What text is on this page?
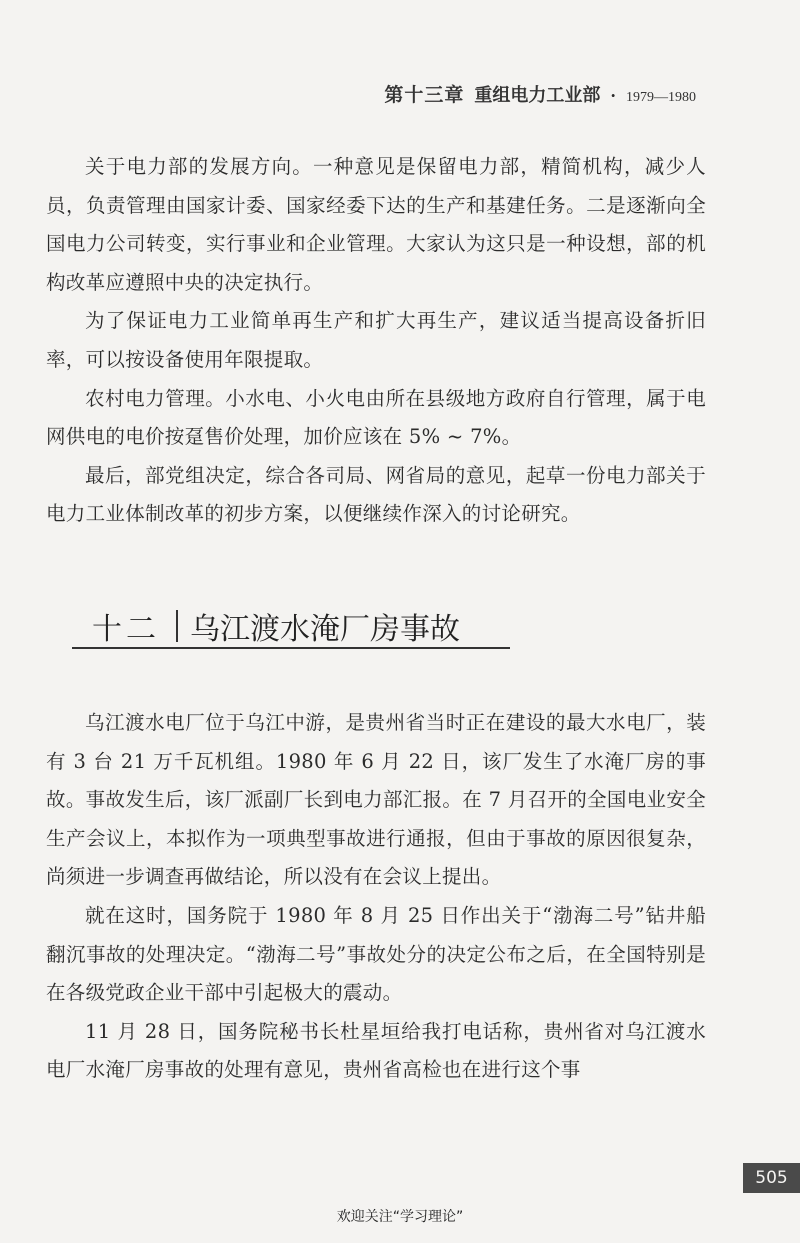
第十三章 重组电力工业部 · 1979—1980

关于电力部的发展方向。一种意见是保留电力部，精简机构，减少人员，负责管理由国家计委、国家经委下达的生产和基建任务。二是逐渐向全国电力公司转变，实行事业和企业管理。大家认为这只是一种设想，部的机构改革应遵照中央的决定执行。

为了保证电力工业简单再生产和扩大再生产，建议适当提高设备折旧率，可以按设备使用年限提取。

农村电力管理。小水电、小火电由所在县级地方政府自行管理，属于电网供电的电价按趸售价处理，加价应该在 5% ~ 7%。

最后，部党组决定，综合各司局、网省局的意见，起草一份电力部关于电力工业体制改革的初步方案，以便继续作深入的讨论研究。

十二 乌江渡水淹厂房事故

乌江渡水电厂位于乌江中游，是贵州省当时正在建设的最大水电厂，装有 3 台 21 万千瓦机组。1980 年 6 月 22 日，该厂发生了水淹厂房的事故。事故发生后，该厂派副厂长到电力部汇报。在 7 月召开的全国电业安全生产会议上，本拟作为一项典型事故进行通报，但由于事故的原因很复杂，尚须进一步调查再做结论，所以没有在会议上提出。

就在这时，国务院于 1980 年 8 月 25 日作出关于“渤海二号”钻井船翻沉事故的处理决定。“渤海二号”事故处分的决定公布之后，在全国特别是在各级党政企业干部中引起极大的震动。

11 月 28 日，国务院秘书长杜星垣给我打电话称，贵州省对乌江渡水电厂水淹厂房事故的处理有意见，贵州省高检也在进行这个事

505
欢迎关注“学习理论”
